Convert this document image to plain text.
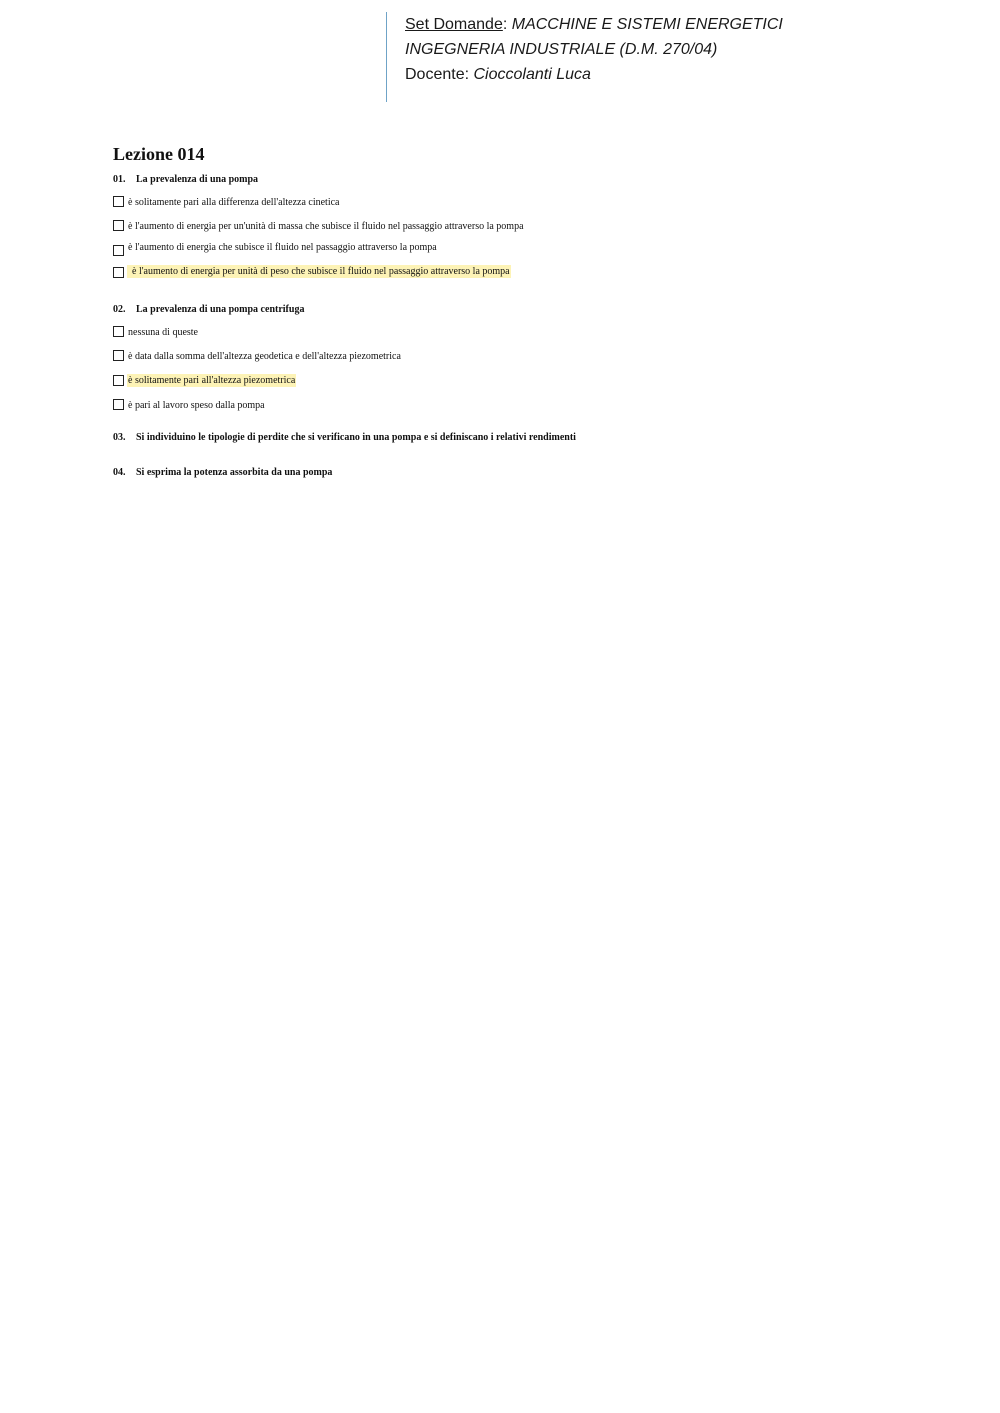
Set Domande: MACCHINE E SISTEMI ENERGETICI
INGEGNERIA INDUSTRIALE (D.M. 270/04)
Docente: Cioccolanti Luca
Lezione 014
01. La prevalenza di una pompa
è solitamente pari alla differenza dell'altezza cinetica
è l'aumento di energia per un'unità di massa che subisce il fluido nel passaggio attraverso la pompa
è l'aumento di energia che subisce il fluido nel passaggio attraverso la pompa
è l'aumento di energia per unità di peso che subisce il fluido nel passaggio attraverso la pompa
02. La prevalenza di una pompa centrifuga
nessuna di queste
è data dalla somma dell'altezza geodetica e dell'altezza piezometrica
è solitamente pari all'altezza piezometrica
è pari al lavoro speso dalla pompa
03. Si individuino le tipologie di perdite che si verificano in una pompa e si definiscano i relativi rendimenti
04. Si esprima la potenza assorbita da una pompa
